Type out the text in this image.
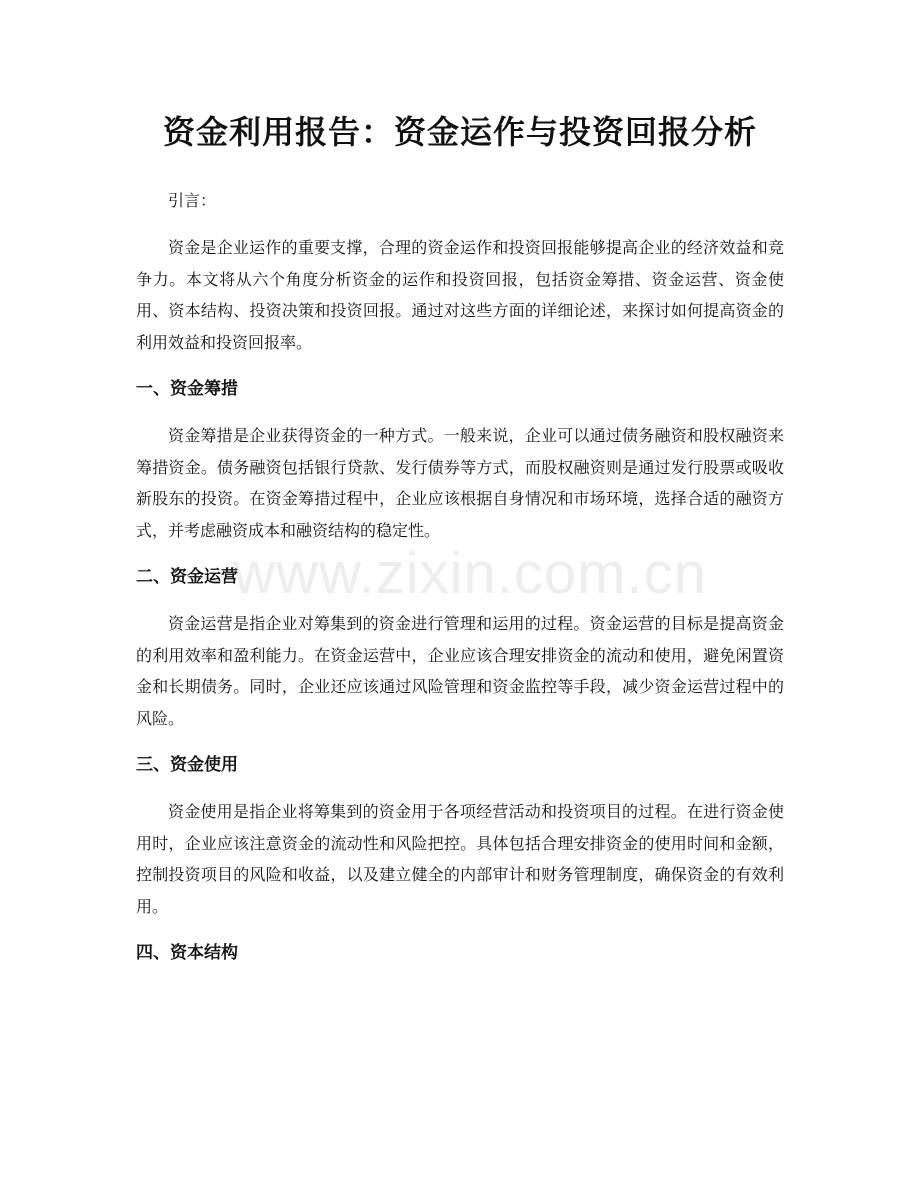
资金利用报告：资金运作与投资回报分析

引言：

资金是企业运作的重要支撑，合理的资金运作和投资回报能够提高企业的经济效益和竞争力。本文将从六个角度分析资金的运作和投资回报，包括资金筹措、资金运营、资金使用、资本结构、投资决策和投资回报。通过对这些方面的详细论述，来探讨如何提高资金的利用效益和投资回报率。

一、资金筹措

资金筹措是企业获得资金的一种方式。一般来说，企业可以通过债务融资和股权融资来筹措资金。债务融资包括银行贷款、发行债券等方式，而股权融资则是通过发行股票或吸收新股东的投资。在资金筹措过程中，企业应该根据自身情况和市场环境，选择合适的融资方式，并考虑融资成本和融资结构的稳定性。

二、资金运营

资金运营是指企业对筹集到的资金进行管理和运用的过程。资金运营的目标是提高资金的利用效率和盈利能力。在资金运营中，企业应该合理安排资金的流动和使用，避免闲置资金和长期债务。同时，企业还应该通过风险管理和资金监控等手段，减少资金运营过程中的风险。

三、资金使用

资金使用是指企业将筹集到的资金用于各项经营活动和投资项目的过程。在进行资金使用时，企业应该注意资金的流动性和风险把控。具体包括合理安排资金的使用时间和金额，控制投资项目的风险和收益，以及建立健全的内部审计和财务管理制度，确保资金的有效利用。

四、资本结构
www.zixin.com.cn
